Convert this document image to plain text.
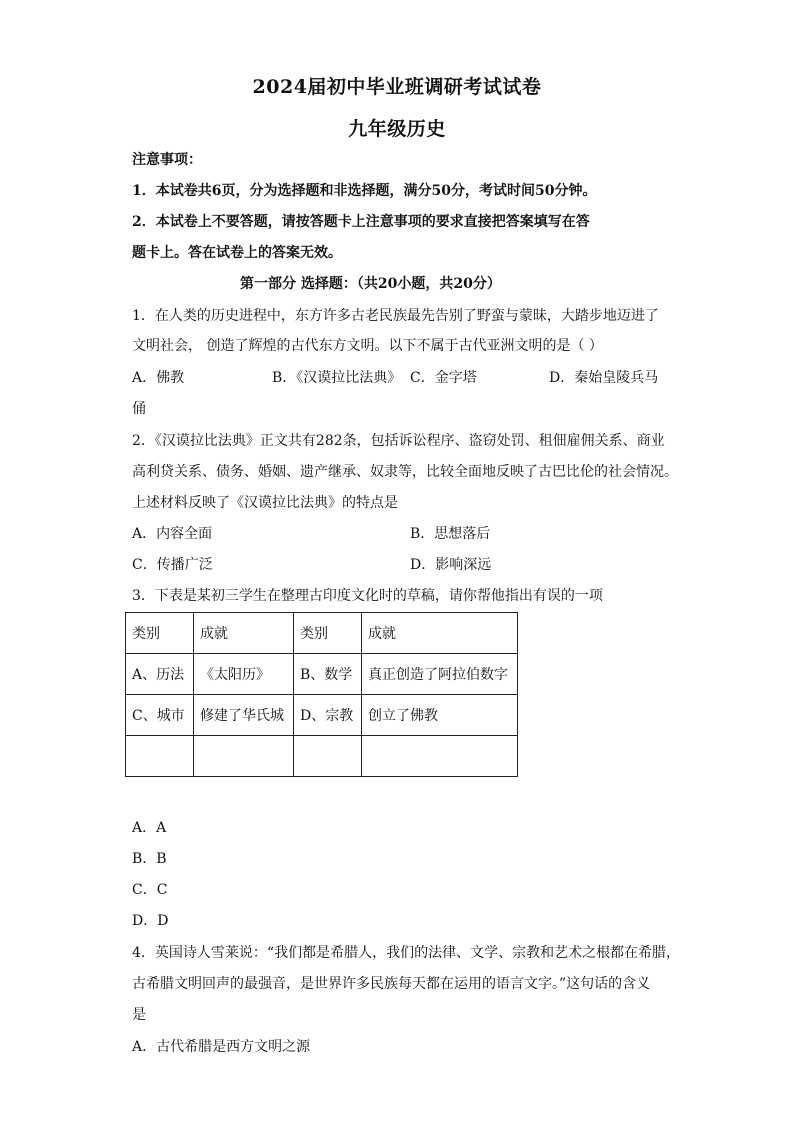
2024届初中毕业班调研考试试卷
九年级历史
注意事项：
1．本试卷共6页，分为选择题和非选择题，满分50分，考试时间50分钟。
2．本试卷上不要答题，请按答题卡上注意事项的要求直接把答案填写在答
题卡上。答在试卷上的答案无效。
第一部分 选择题：（共20小题，共20分）
1．在人类的历史进程中，东方许多古老民族最先告别了野蛮与蒙昧，大踏步地迈进了
文明社会， 创造了辉煌的古代东方文明。以下不属于古代亚洲文明的是（ ）
A．佛教	B．《汉谟拉比法典》 C．金字塔	D．秦始皇陵兵马
俑
2．《汉谟拉比法典》正文共有282条，包括诉讼程序、盗窃处罚、租佃雇佣关系、商业
高利贷关系、债务、婚姻、遗产继承、奴隶等，比较全面地反映了古巴比伦的社会情况。
上述材料反映了《汉谟拉比法典》的特点是
A．内容全面	B．思想落后
C．传播广泛	D．影响深远
3．下表是某初三学生在整理古印度文化时的草稿，请你帮他指出有误的一项
类别	成就	类别	成就
A、历法	《太阳历》	B、数学	真正创造了阿拉伯数字
C、城市	修建了华氏城	D、宗教	创立了佛教

A．A
B．B
C．C
D．D
4．英国诗人雪莱说：“我们都是希腊人，我们的法律、文学、宗教和艺术之根都在希腊，
古希腊文明回声的最强音，是世界许多民族每天都在运用的语言文字。”这句话的含义
是
A．古代希腊是西方文明之源
